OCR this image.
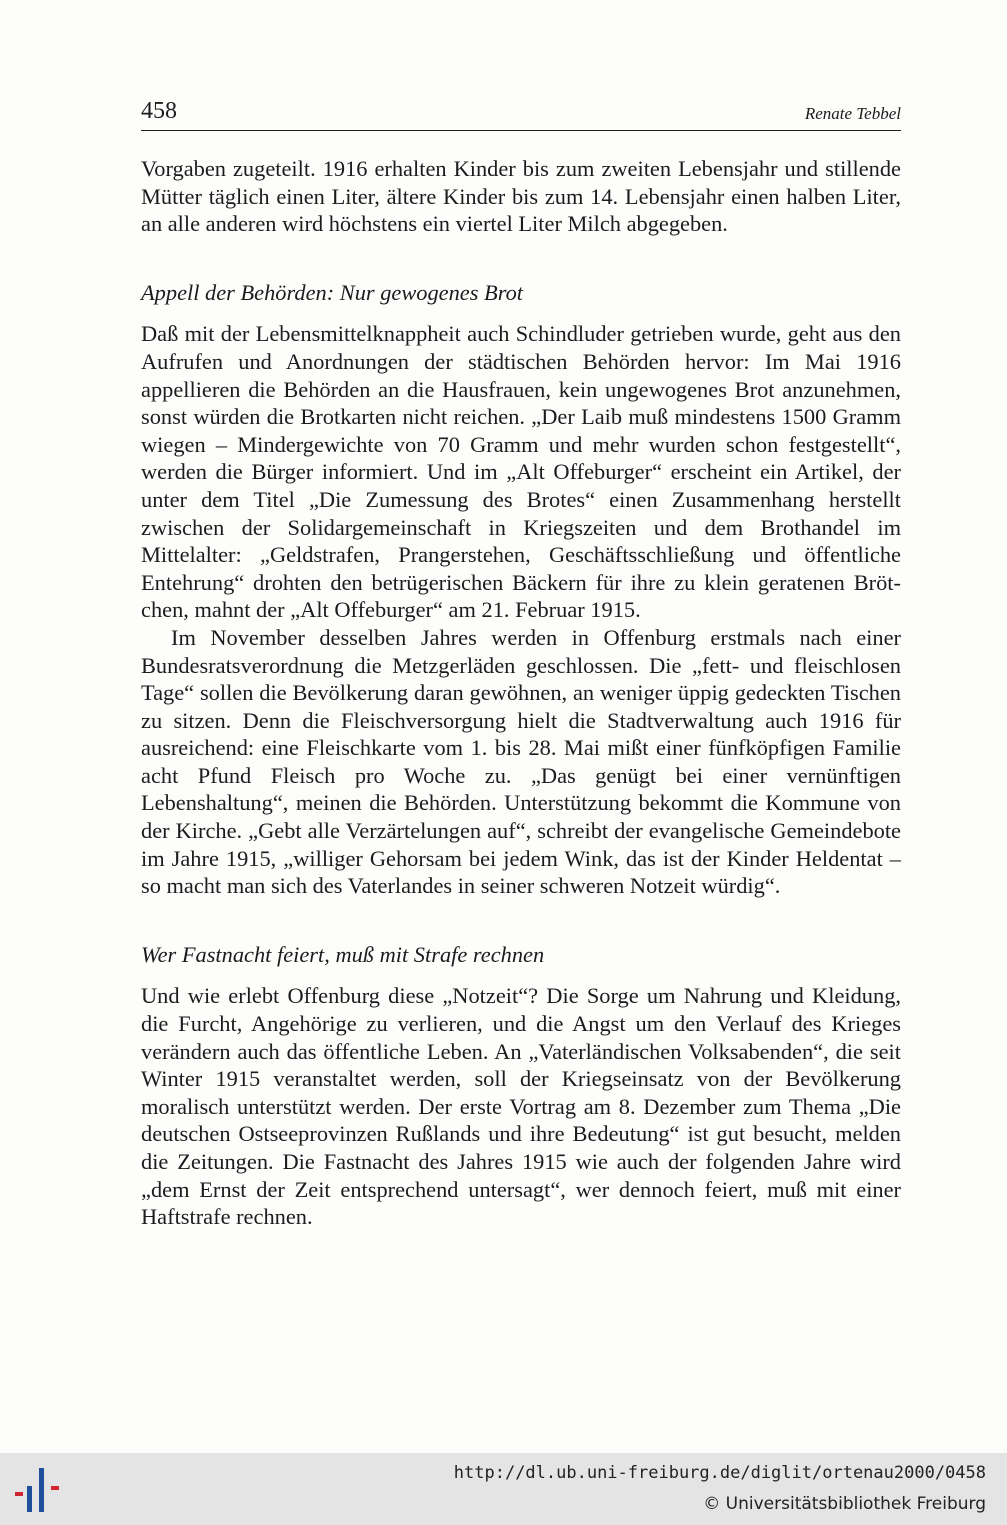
458	Renate Tebbel

Vorgaben zugeteilt. 1916 erhalten Kinder bis zum zweiten Lebensjahr und stillende Mütter täglich einen Liter, ältere Kinder bis zum 14. Lebensjahr einen halben Liter, an alle anderen wird höchstens ein viertel Liter Milch abgegeben.

Appell der Behörden: Nur gewogenes Brot

Daß mit der Lebensmittelknappheit auch Schindluder getrieben wurde, geht aus den Aufrufen und Anordnungen der städtischen Behörden hervor: Im Mai 1916 appellieren die Behörden an die Hausfrauen, kein ungewogenes Brot anzunehmen, sonst würden die Brotkarten nicht reichen. „Der Laib muß mindestens 1500 Gramm wiegen – Mindergewichte von 70 Gramm und mehr wurden schon festgestellt“, werden die Bürger informiert. Und im „Alt Offeburger“ erscheint ein Artikel, der unter dem Titel „Die Zumessung des Brotes“ einen Zusammenhang herstellt zwischen der Solidargemeinschaft in Kriegszeiten und dem Brothandel im Mittelalter: „Geldstrafen, Prangerstehen, Geschäftsschließung und öffentliche Entehrung“ drohten den betrügerischen Bäckern für ihre zu klein geratenen Brötchen, mahnt der „Alt Offeburger“ am 21. Februar 1915.

Im November desselben Jahres werden in Offenburg erstmals nach einer Bundesratsverordnung die Metzgerläden geschlossen. Die „fett- und fleischlosen Tage“ sollen die Bevölkerung daran gewöhnen, an weniger üppig gedeckten Tischen zu sitzen. Denn die Fleischversorgung hielt die Stadtverwaltung auch 1916 für ausreichend: eine Fleischkarte vom 1. bis 28. Mai mißt einer fünfköpfigen Familie acht Pfund Fleisch pro Woche zu. „Das genügt bei einer vernünftigen Lebenshaltung“, meinen die Behörden. Unterstützung bekommt die Kommune von der Kirche. „Gebt alle Verzärtelungen auf“, schreibt der evangelische Gemeindebote im Jahre 1915, „williger Gehorsam bei jedem Wink, das ist der Kinder Heldentat – so macht man sich des Vaterlandes in seiner schweren Notzeit würdig“.

Wer Fastnacht feiert, muß mit Strafe rechnen

Und wie erlebt Offenburg diese „Notzeit“? Die Sorge um Nahrung und Kleidung, die Furcht, Angehörige zu verlieren, und die Angst um den Verlauf des Krieges verändern auch das öffentliche Leben. An „Vaterländischen Volksabenden“, die seit Winter 1915 veranstaltet werden, soll der Kriegseinsatz von der Bevölkerung moralisch unterstützt werden. Der erste Vortrag am 8. Dezember zum Thema „Die deutschen Ostseeprovinzen Rußlands und ihre Bedeutung“ ist gut besucht, melden die Zeitungen. Die Fastnacht des Jahres 1915 wie auch der folgenden Jahre wird „dem Ernst der Zeit entsprechend untersagt“, wer dennoch feiert, muß mit einer Haftstrafe rechnen.

http://dl.ub.uni-freiburg.de/diglit/ortenau2000/0458
© Universitätsbibliothek Freiburg
